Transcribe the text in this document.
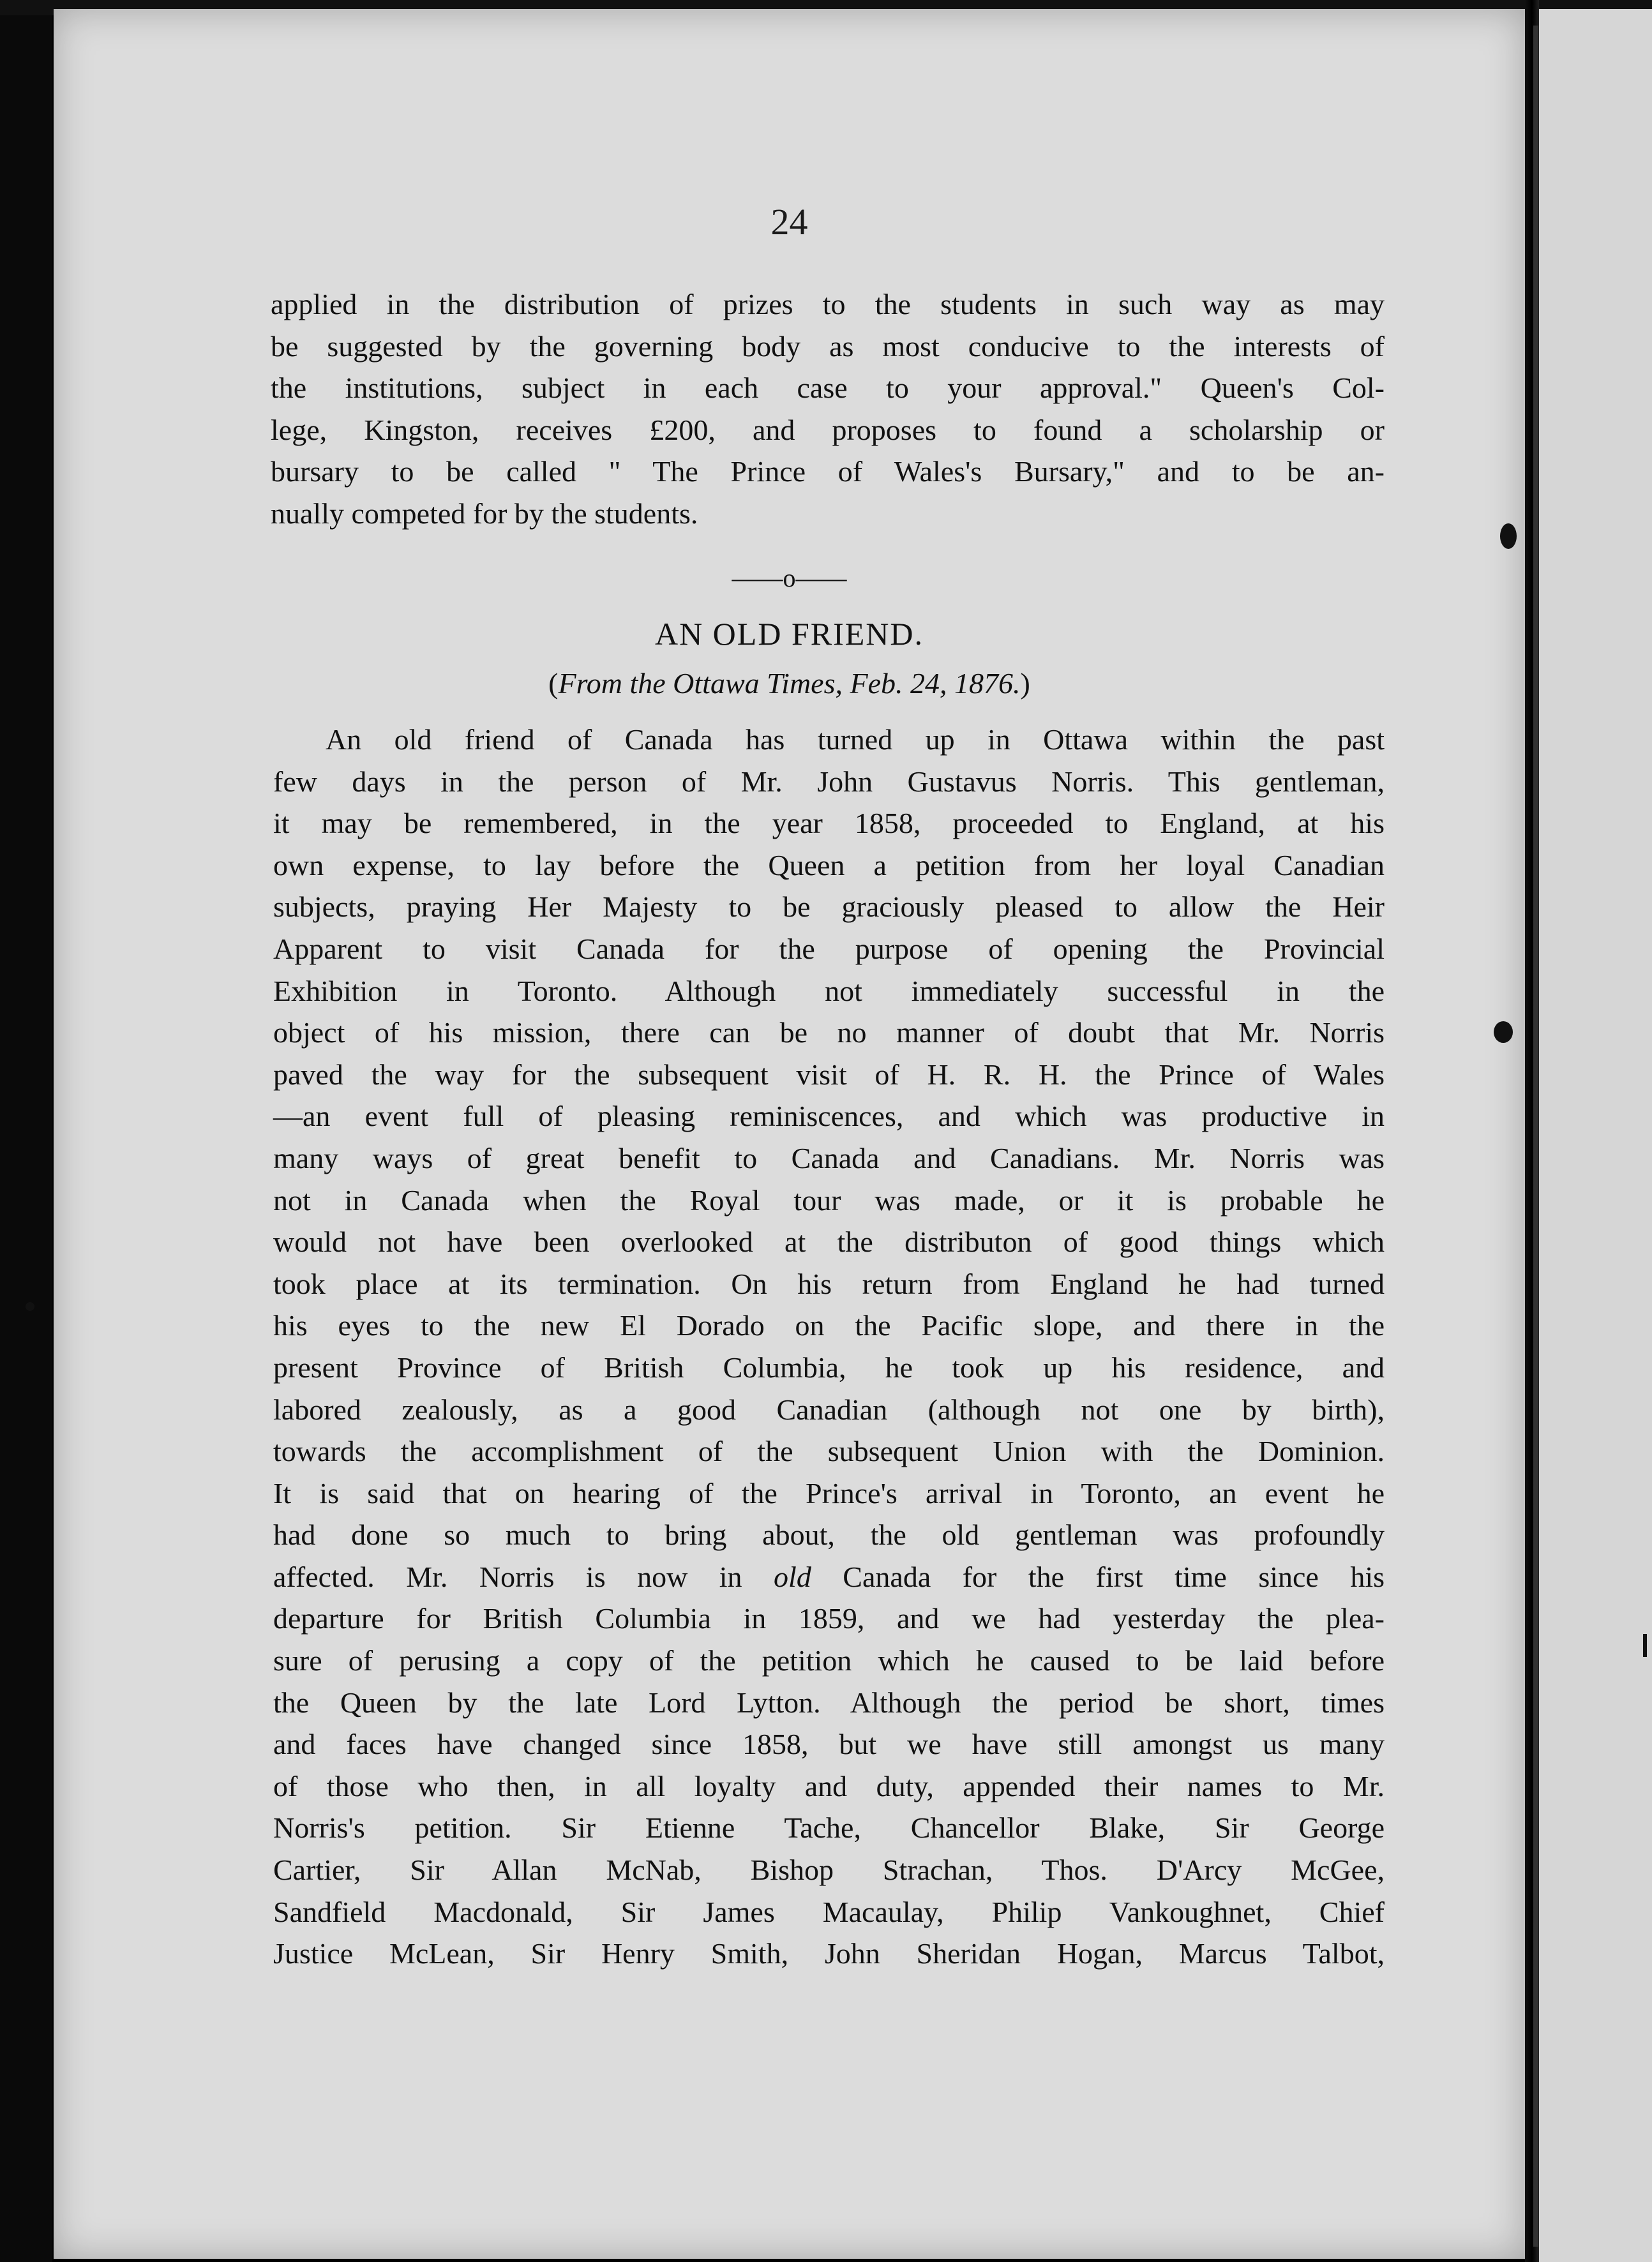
24
applied in the distribution of prizes to the students in such way as may
be suggested by the governing body as most conducive to the interests of
the institutions, subject in each case to your approval." Queen's Col-
lege, Kingston, receives £200, and proposes to found a scholarship or
bursary to be called " The Prince of Wales's Bursary," and to be an-
nually competed for by the students.
——o——
AN OLD FRIEND.
(From the Ottawa Times, Feb. 24, 1876.)
An old friend of Canada has turned up in Ottawa within the past
few days in the person of Mr. John Gustavus Norris. This gentleman,
it may be remembered, in the year 1858, proceeded to England, at his
own expense, to lay before the Queen a petition from her loyal Canadian
subjects, praying Her Majesty to be graciously pleased to allow the Heir
Apparent to visit Canada for the purpose of opening the Provincial
Exhibition in Toronto. Although not immediately successful in the
object of his mission, there can be no manner of doubt that Mr. Norris
paved the way for the subsequent visit of H. R. H. the Prince of Wales
—an event full of pleasing reminiscences, and which was productive in
many ways of great benefit to Canada and Canadians. Mr. Norris was
not in Canada when the Royal tour was made, or it is probable he
would not have been overlooked at the distributon of good things which
took place at its termination. On his return from England he had turned
his eyes to the new El Dorado on the Pacific slope, and there in the
present Province of British Columbia, he took up his residence, and
labored zealously, as a good Canadian (although not one by birth),
towards the accomplishment of the subsequent Union with the Dominion.
It is said that on hearing of the Prince's arrival in Toronto, an event he
had done so much to bring about, the old gentleman was profoundly
affected. Mr. Norris is now in old Canada for the first time since his
departure for British Columbia in 1859, and we had yesterday the plea-
sure of perusing a copy of the petition which he caused to be laid before
the Queen by the late Lord Lytton. Although the period be short, times
and faces have changed since 1858, but we have still amongst us many
of those who then, in all loyalty and duty, appended their names to Mr.
Norris's petition. Sir Etienne Tache, Chancellor Blake, Sir George
Cartier, Sir Allan McNab, Bishop Strachan, Thos. D'Arcy McGee,
Sandfield Macdonald, Sir James Macaulay, Philip Vankoughnet, Chief
Justice McLean, Sir Henry Smith, John Sheridan Hogan, Marcus Talbot,
